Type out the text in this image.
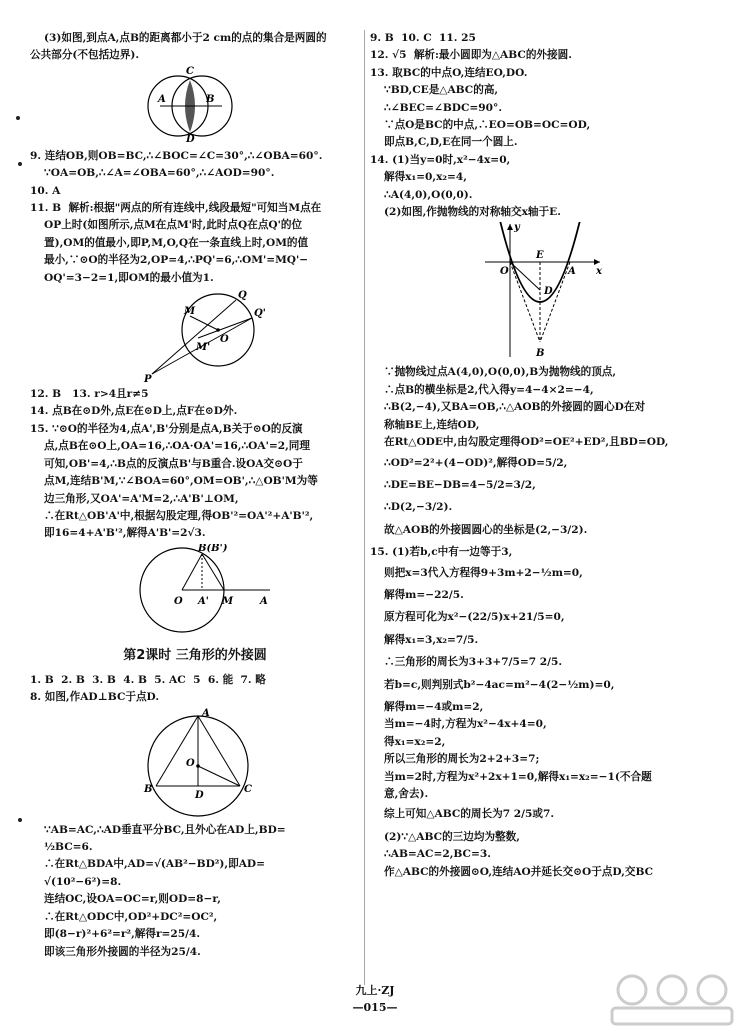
(3)如图,到点A,点B的距离都小于2 cm的点的集合是两圆的

公共部分(不包括边界).

A	B
C
D

9. 连结OB,则OB=BC,∴∠BOC=∠C=30°,∴∠OBA=60°.

∵OA=OB,∴∠A=∠OBA=60°,∴∠AOD=90°.

10. A

11. B  解析:根据"两点的所有连线中,线段最短"可知当M点在

OP上时(如图所示,点M在点M'时,此时点Q在点Q'的位

置),OM的值最小,即P,M,O,Q在一条直线上时,OM的值

最小,∵⊙O的半径为2,OP=4,∴PQ'=6,∴OM'=MQ'−

OQ'=3−2=1,即OM的最小值为1.

Q
M	Q'
O
M'
P

12. B   13. r>4且r≠5

14. 点B在⊙D外,点E在⊙D上,点F在⊙D外.

15. ∵⊙O的半径为4,点A',B'分别是点A,B关于⊙O的反演

点,点B在⊙O上,OA=16,∴OA·OA'=16,∴OA'=2,同理

可知,OB'=4,∴B点的反演点B'与B重合.设OA交⊙O于

点M,连结B'M,∵∠BOA=60°,OM=OB',∴△OB'M为等

边三角形,又OA'=A'M=2,∴A'B'⊥OM,

∴在Rt△OB'A'中,根据勾股定理,得OB'²=OA'²+A'B'²,

即16=4+A'B'²,解得A'B'=2√3.

B(B')
O A' M	A
第2课时 三角形的外接圆

1. B  2. B  3. B  4. B  5. AC  5  6. 能  7. 略

8. 如图,作AD⊥BC于点D.

A
O
B
D
C

∵AB=AC,∴AD垂直平分BC,且外心在AD上,BD=

½BC=6.

∴在Rt△BDA中,AD=√(AB²−BD²),即AD=

√(10²−6²)=8.

连结OC,设OA=OC=r,则OD=8−r,

∴在Rt△ODC中,OD²+DC²=OC²,

即(8−r)²+6²=r²,解得r=25/4.

即该三角形外接圆的半径为25/4.

9. B  10. C  11. 25

12. √5  解析:最小圆即为△ABC的外接圆.

13. 取BC的中点O,连结EO,DO.

∵BD,CE是△ABC的高,

∴∠BEC=∠BDC=90°.

∵点O是BC的中点,∴EO=OB=OC=OD,

即点B,C,D,E在同一个圆上.

14. (1)当y=0时,x²−4x=0,

解得x₁=0,x₂=4,

∴A(4,0),O(0,0).

(2)如图,作抛物线的对称轴交x轴于E.

y
O
E
A x
D
B

∵抛物线过点A(4,0),O(0,0),B为抛物线的顶点,

∴点B的横坐标是2,代入得y=4−4×2=−4,

∴B(2,−4),又BA=OB,∴△AOB的外接圆的圆心D在对

称轴BE上,连结OD,

在Rt△ODE中,由勾股定理得OD²=OE²+ED²,且BD=OD,

∴OD²=2²+(4−OD)²,解得OD=5/2,

∴DE=BE−DB=4−5/2=3/2,

∴D(2,−3/2).

故△AOB的外接圆圆心的坐标是(2,−3/2).

15. (1)若b,c中有一边等于3,

则把x=3代入方程得9+3m+2−½m=0,

解得m=−22/5.

原方程可化为x²−(22/5)x+21/5=0,

解得x₁=3,x₂=7/5.

∴三角形的周长为3+3+7/5=7 2/5.

若b=c,则判别式b²−4ac=m²−4(2−½m)=0,

解得m=−4或m=2,

当m=−4时,方程为x²−4x+4=0,

得x₁=x₂=2,

所以三角形的周长为2+2+3=7;

当m=2时,方程为x²+2x+1=0,解得x₁=x₂=−1(不合题

意,舍去).

综上可知△ABC的周长为7 2/5或7.

(2)∵△ABC的三边均为整数,

∴AB=AC=2,BC=3.

作△ABC的外接圆⊙O,连结AO并延长交⊙O于点D,交BC

九上·ZJ
—015—
